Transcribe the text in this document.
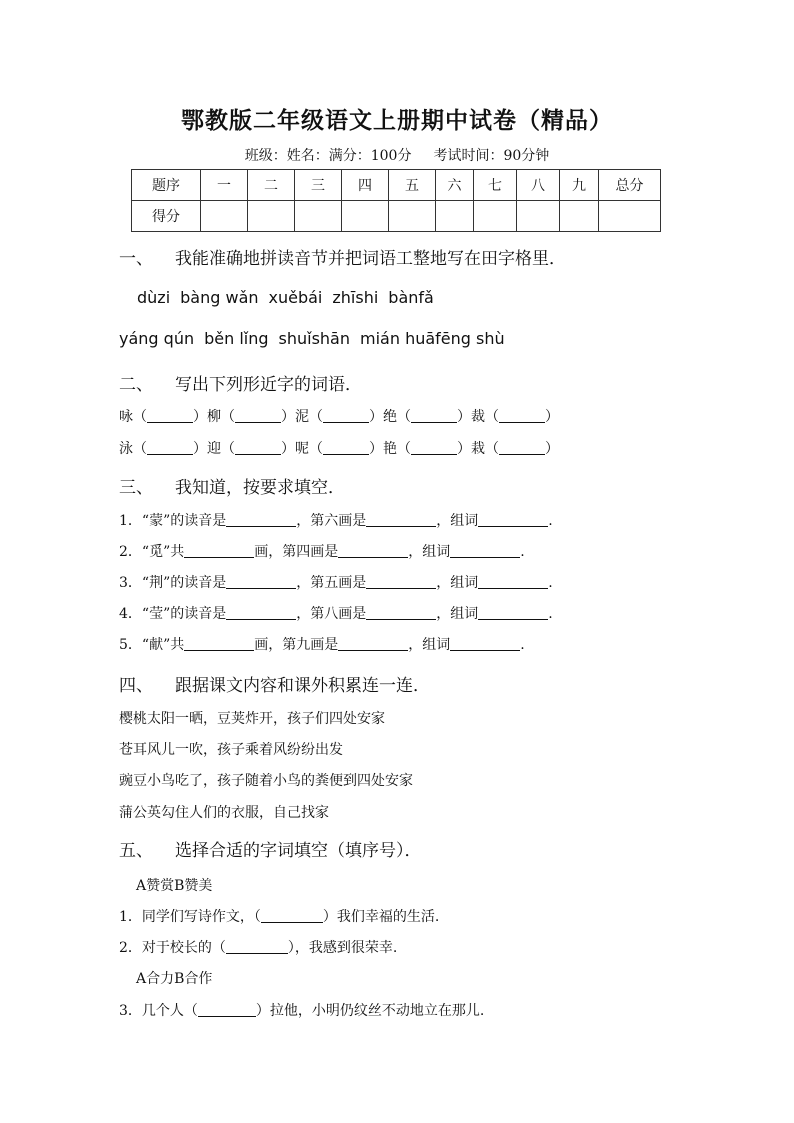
鄂教版二年级语文上册期中试卷（精品）
班级：姓名：满分：100分 考试时间：90分钟
题序	一	二	三	四	五	六	七	八	九	总分
得分										
一、 我能准确地拼读音节并把词语工整地写在田字格里．
dùzi bàng wǎn xuěbái zhīshi bànfǎ
yáng qún běn lǐng shuǐshān mián huāfēng shù
二、 写出下列形近字的词语．
咏（	）柳（	）泥（	）绝（	）裁（	）
泳（	）迎（	）呢（	）艳（	）栽（	）
三、 我知道，按要求填空．
1．“蒙”的读音是	，第六画是	，组词	.
2．“觅”共	画，第四画是	，组词	.
3．“荆”的读音是	，第五画是	，组词	.
4．“莹”的读音是	，第八画是	，组词	.
5．“献”共	画，第九画是	，组词	.
四、 跟据课文内容和课外积累连一连．
樱桃太阳一晒，豆荚炸开，孩子们四处安家
苍耳风儿一吹，孩子乘着风纷纷出发
豌豆小鸟吃了，孩子随着小鸟的粪便到四处安家
蒲公英勾住人们的衣服，自己找家
五、 选择合适的字词填空（填序号）．
A赞赏B赞美
1．同学们写诗作文，（	）我们幸福的生活.
2．对于校长的（	），我感到很荣幸.
A合力B合作
3．几个人（	）拉他，小明仍纹丝不动地立在那儿.
